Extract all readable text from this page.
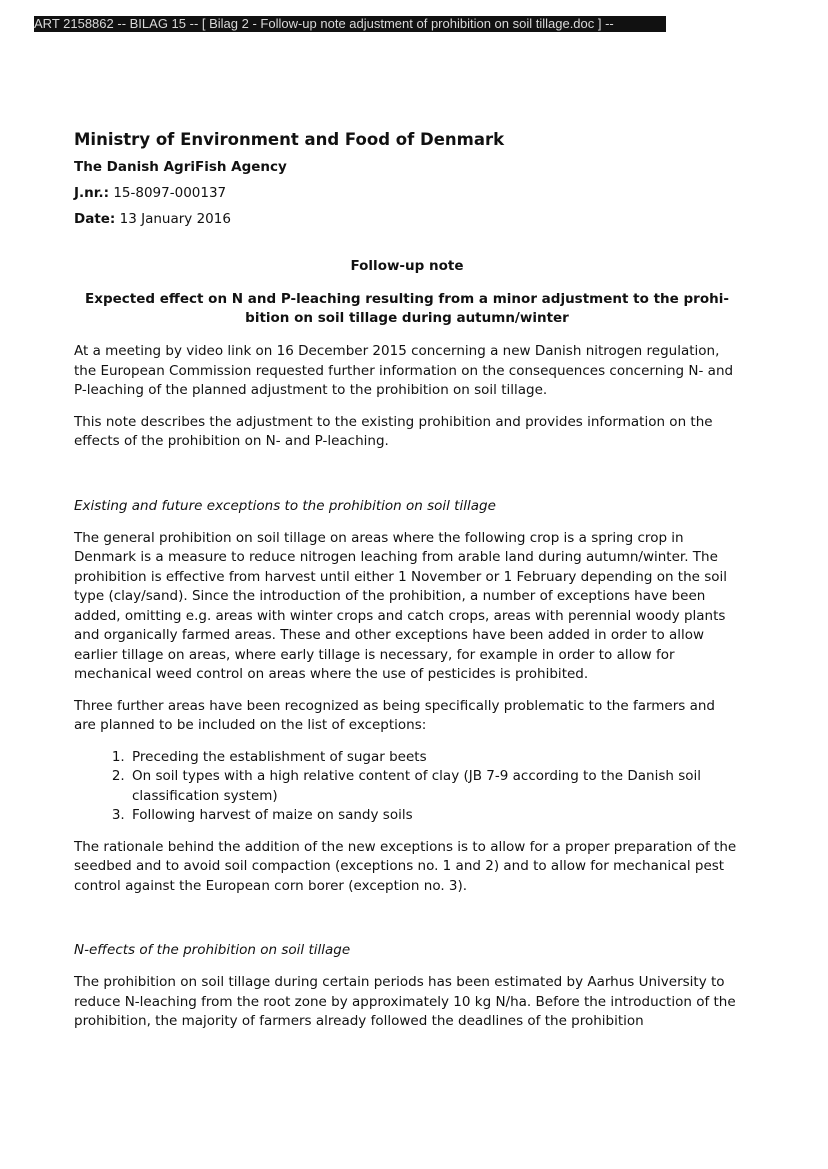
ART 2158862 -- BILAG 15 -- [ Bilag 2 - Follow-up note adjustment of prohibition on soil tillage.doc ] --
Ministry of Environment and Food of Denmark
The Danish AgriFish Agency
J.nr.: 15-8097-000137
Date: 13 January 2016
Follow-up note
Expected effect on N and P-leaching resulting from a minor adjustment to the prohibition on soil tillage during autumn/winter

At a meeting by video link on 16 December 2015 concerning a new Danish nitrogen regulation, the European Commission requested further information on the consequences concerning N- and P-leaching of the planned adjustment to the prohibition on soil tillage.

This note describes the adjustment to the existing prohibition and provides information on the effects of the prohibition on N- and P-leaching.

Existing and future exceptions to the prohibition on soil tillage

The general prohibition on soil tillage on areas where the following crop is a spring crop in Denmark is a measure to reduce nitrogen leaching from arable land during autumn/winter. The prohibition is effective from harvest until either 1 November or 1 February depending on the soil type (clay/sand). Since the introduction of the prohibition, a number of exceptions have been added, omitting e.g. areas with winter crops and catch crops, areas with perennial woody plants and organically farmed areas. These and other exceptions have been added in order to allow earlier tillage on areas, where early tillage is necessary, for example in order to allow for mechanical weed control on areas where the use of pesticides is prohibited.

Three further areas have been recognized as being specifically problematic to the farmers and are planned to be included on the list of exceptions:

1. Preceding the establishment of sugar beets
2. On soil types with a high relative content of clay (JB 7-9 according to the Danish soil classification system)
3. Following harvest of maize on sandy soils

The rationale behind the addition of the new exceptions is to allow for a proper preparation of the seedbed and to avoid soil compaction (exceptions no. 1 and 2) and to allow for mechanical pest control against the European corn borer (exception no. 3).

N-effects of the prohibition on soil tillage

The prohibition on soil tillage during certain periods has been estimated by Aarhus University to reduce N-leaching from the root zone by approximately 10 kg N/ha. Before the introduction of the prohibition, the majority of farmers already followed the deadlines of the prohibition
